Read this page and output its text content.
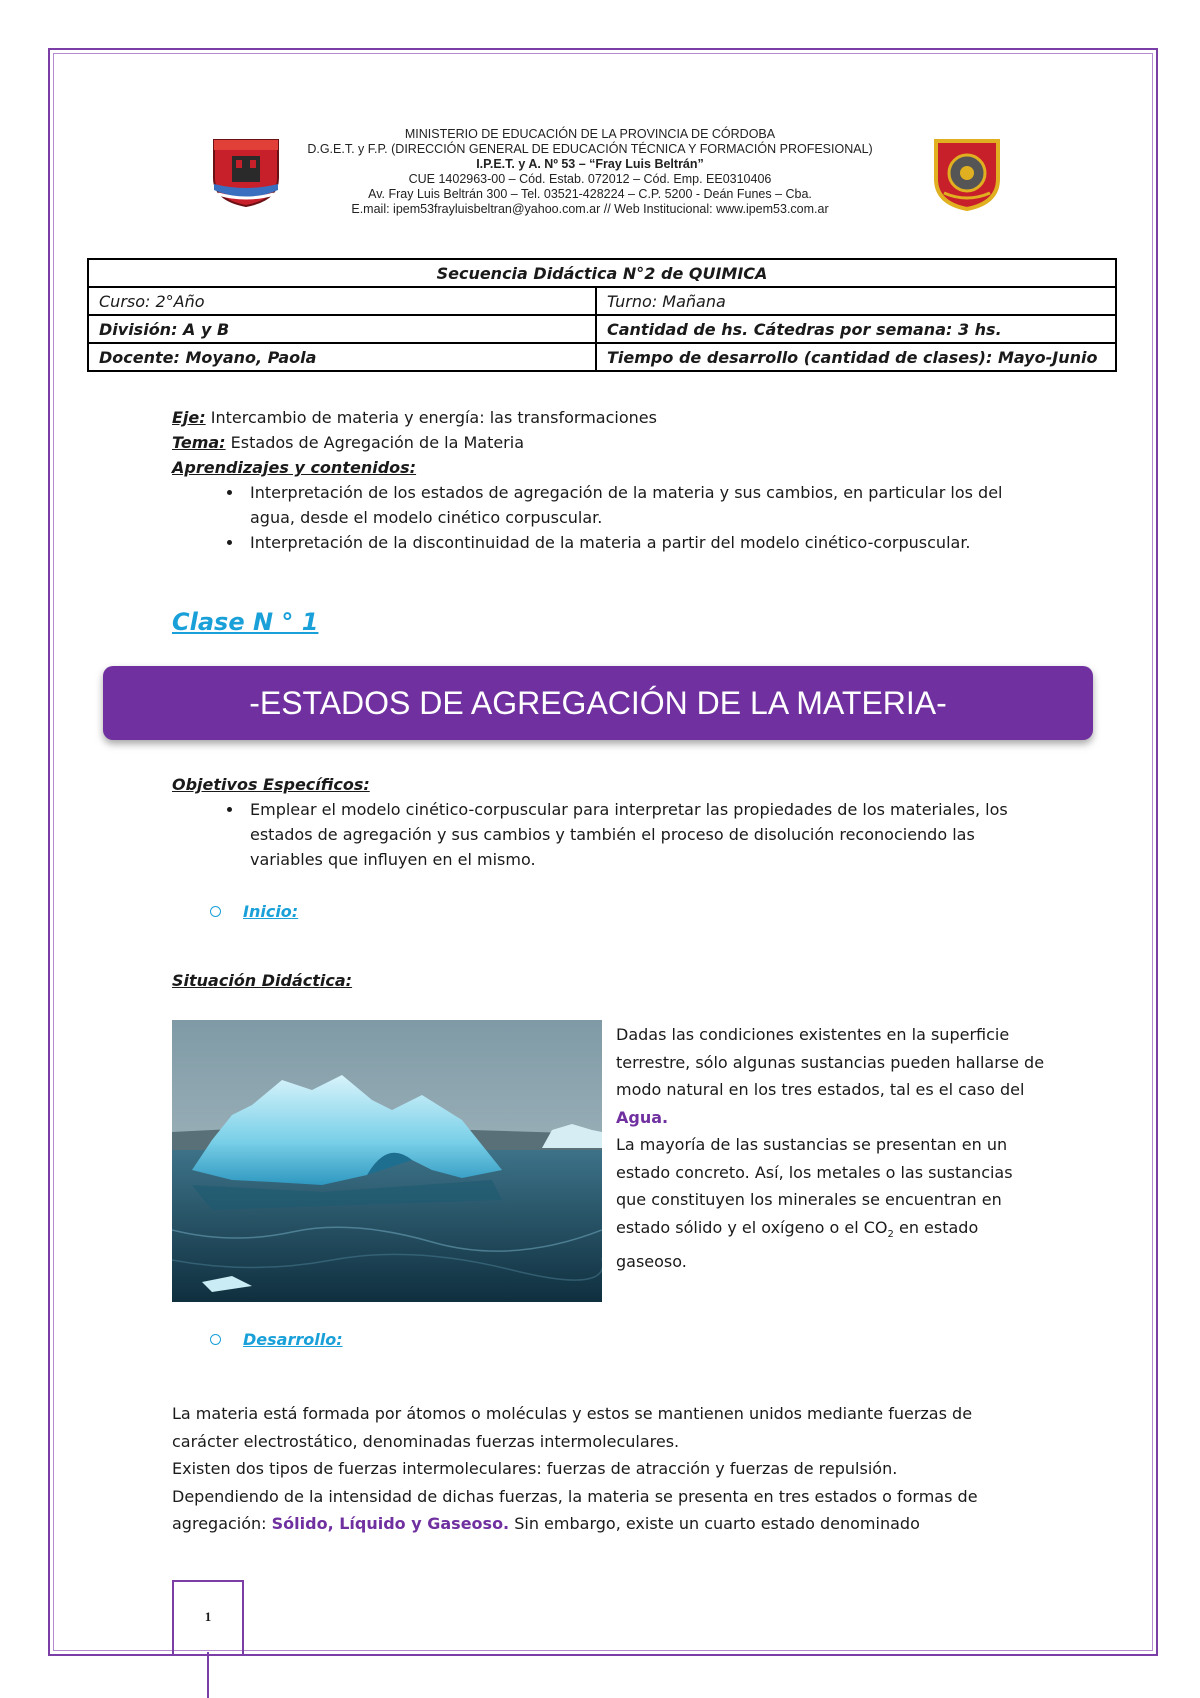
MINISTERIO DE EDUCACIÓN DE LA PROVINCIA DE CÓRDOBA
D.G.E.T. y F.P. (DIRECCIÓN GENERAL DE EDUCACIÓN TÉCNICA Y FORMACIÓN PROFESIONAL)
I.P.E.T. y A. Nº 53 – “Fray Luis Beltrán”
CUE 1402963-00 – Cód. Estab. 072012 – Cód. Emp. EE0310406
Av. Fray Luis Beltrán 300 – Tel. 03521-428224 – C.P. 5200 - Deán Funes – Cba.
E.mail: ipem53frayluisbeltran@yahoo.com.ar // Web Institucional: www.ipem53.com.ar
Secuencia Didáctica N°2 de QUIMICA	
Curso: 2°Año	Turno: Mañana
División: A y B	Cantidad de hs. Cátedras por semana: 3 hs.
Docente: Moyano, Paola	Tiempo de desarrollo (cantidad de clases): Mayo-Junio
Eje: Intercambio de materia y energía: las transformaciones
Tema: Estados de Agregación de la Materia
Aprendizajes y contenidos:
• Interpretación de los estados de agregación de la materia y sus cambios, en particular los del agua, desde el modelo cinético corpuscular.
• Interpretación de la discontinuidad de la materia a partir del modelo cinético-corpuscular.
Clase N ° 1
-ESTADOS DE AGREGACIÓN DE LA MATERIA-
Objetivos Específicos:
• Emplear el modelo cinético-corpuscular para interpretar las propiedades de los materiales, los estados de agregación y sus cambios y también el proceso de disolución reconociendo las variables que influyen en el mismo.
Inicio:
Situación Didáctica:
Dadas las condiciones existentes en la superficie terrestre, sólo algunas sustancias pueden hallarse de modo natural en los tres estados, tal es el caso del Agua.
La mayoría de las sustancias se presentan en un estado concreto. Así, los metales o las sustancias que constituyen los minerales se encuentran en estado sólido y el oxígeno o el $CO_2$ en estado gaseoso.
Desarrollo:
La materia está formada por átomos o moléculas y estos se mantienen unidos mediante fuerzas de carácter electrostático, denominadas fuerzas intermoleculares.
Existen dos tipos de fuerzas intermoleculares: fuerzas de atracción y fuerzas de repulsión.
Dependiendo de la intensidad de dichas fuerzas, la materia se presenta en tres estados o formas de agregación: Sólido, Líquido y Gaseoso. Sin embargo, existe un cuarto estado denominado
1
